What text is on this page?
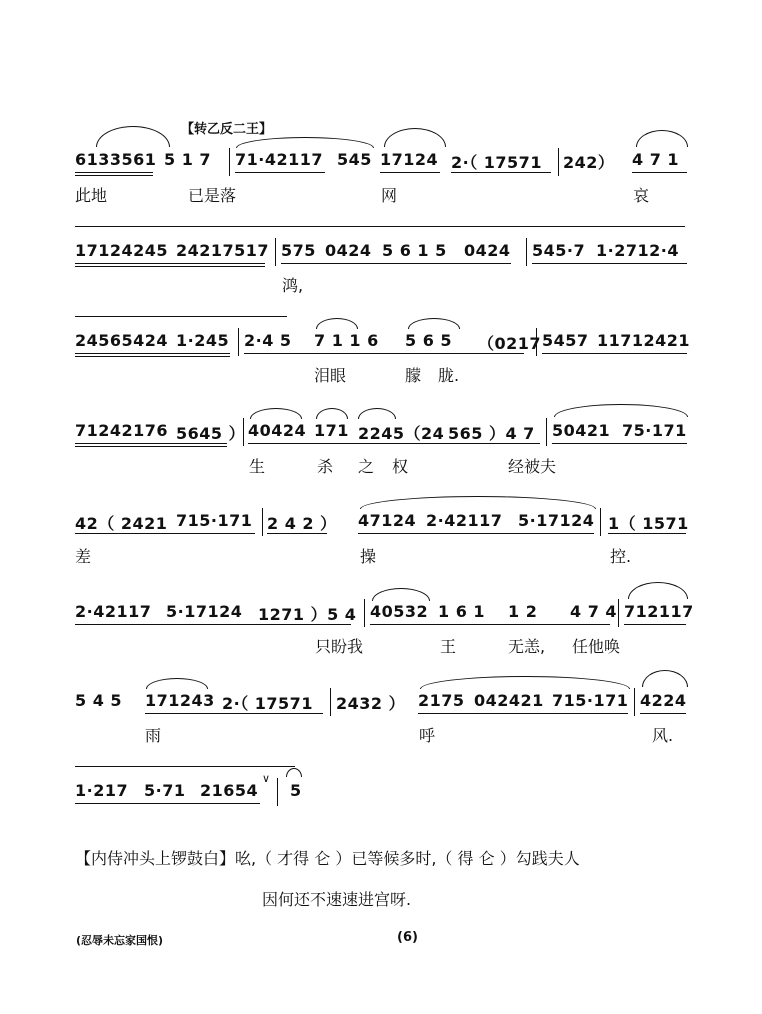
【转乙反二王】
6133561 5 1 7 71·42117 545 17124 2·（ 17571 242） 4 7 1
此地	已是落	网	哀
17124245 24217517 575 0424 5 6 1 5 0424 545·7 1·2712·4
鸿,
24565424 1·245 2·4 5 7 1 1 6 5 6 5 （0217 5457 11712421
泪眼	朦 胧.
71242176 5645 ） 40424 171 2245（24 565 ）4 7 50421 75·171
生	杀 之 权	经被夫
42（ 2421 715·171 2 4 2 ） 47124 2·42117 5·17124 1（ 1571
差	操	控.
2·42117 5·17124 1271 ）5 4 40532 1 6 1 1 2 4 7 4 712117
只盼我	王	无恙, 任他唤
5 4 5 171243 2·（ 17571 2432 ） 2175 042421 715·171 4224
雨	呼	风.
1·217 5·71 21654 5
∨
【内侍冲头上锣鼓白】吆,（ 才得 仑 ）已等候多时,（ 得 仑 ）勾践夫人
因何还不速速进宫呀.
(忍辱未忘家国恨)	(6)
